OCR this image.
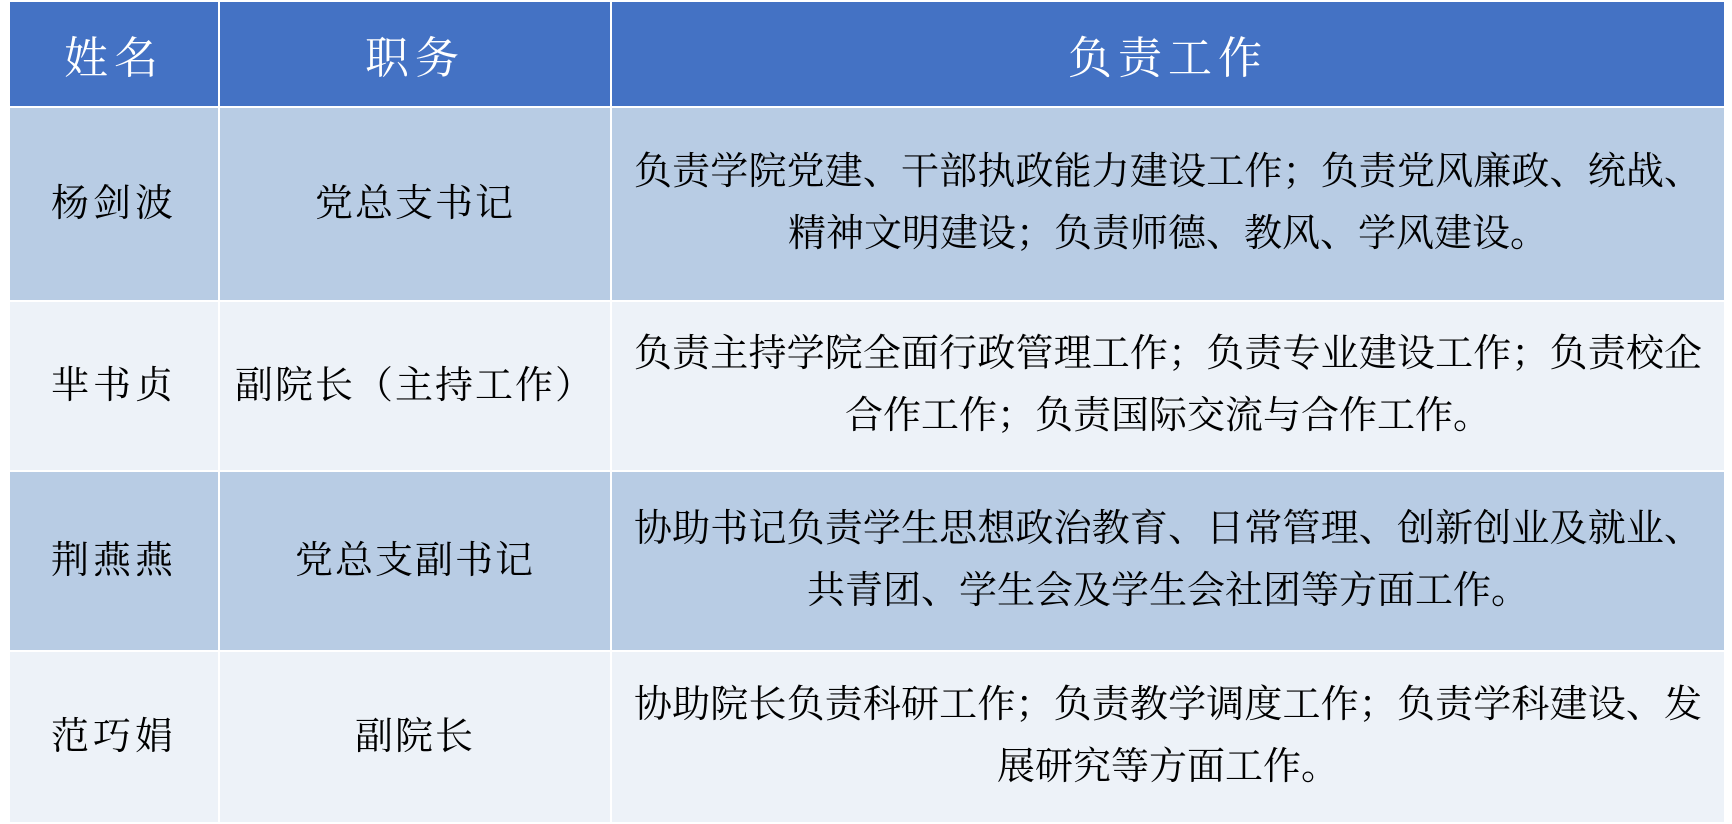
姓名	职务	负责工作
杨剑波	党总支书记	负责学院党建、干部执政能力建设工作；负责党风廉政、统战、精神文明建设；负责师德、教风、学风建设。
芈书贞	副院长（主持工作）	负责主持学院全面行政管理工作；负责专业建设工作；负责校企合作工作；负责国际交流与合作工作。
荆燕燕	党总支副书记	协助书记负责学生思想政治教育、日常管理、创新创业及就业、共青团、学生会及学生会社团等方面工作。
范巧娟	副院长	协助院长负责科研工作；负责教学调度工作；负责学科建设、发展研究等方面工作。
